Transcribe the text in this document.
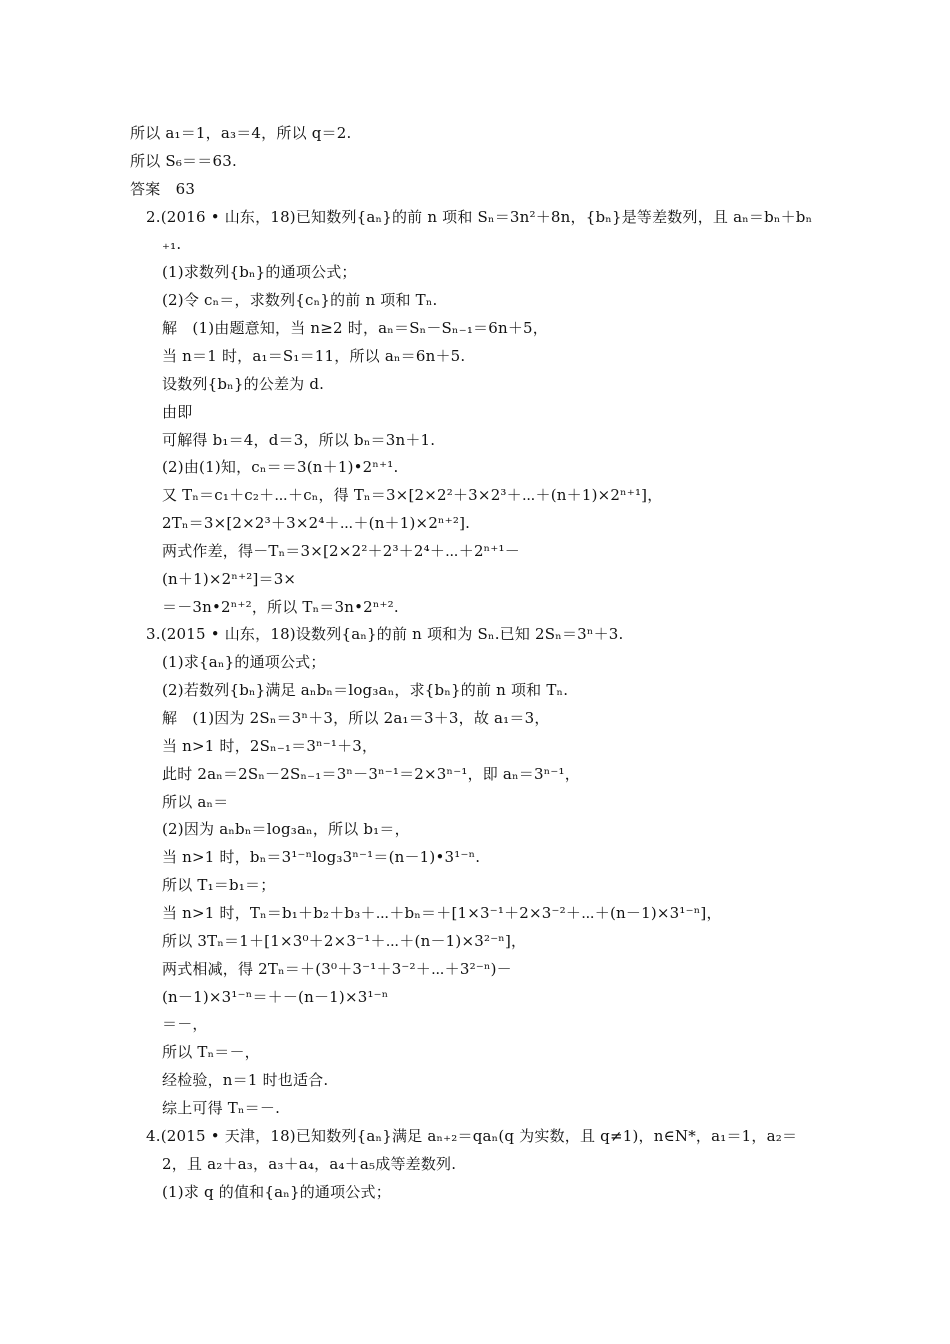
所以 a₁＝1，a₃＝4，所以 q＝2.
所以 S₆＝＝63.
答案　63
2.(2016 • 山东，18)已知数列{aₙ}的前 n 项和 Sₙ＝3n²＋8n，{bₙ}是等差数列，且 aₙ＝bₙ＋bₙ
₊₁.
(1)求数列{bₙ}的通项公式；
(2)令 cₙ＝，求数列{cₙ}的前 n 项和 Tₙ.
解　(1)由题意知，当 n≥2 时，aₙ＝Sₙ－Sₙ₋₁＝6n＋5，
当 n＝1 时，a₁＝S₁＝11，所以 aₙ＝6n＋5.
设数列{bₙ}的公差为 d.
由即
可解得 b₁＝4，d＝3，所以 bₙ＝3n＋1.
(2)由(1)知，cₙ＝＝3(n＋1)•2ⁿ⁺¹.
又 Tₙ＝c₁＋c₂＋⋯＋cₙ，得 Tₙ＝3×[2×2²＋3×2³＋⋯＋(n＋1)×2ⁿ⁺¹]，
2Tₙ＝3×[2×2³＋3×2⁴＋⋯＋(n＋1)×2ⁿ⁺²].
两式作差，得－Tₙ＝3×[2×2²＋2³＋2⁴＋⋯＋2ⁿ⁺¹－
(n＋1)×2ⁿ⁺²]＝3×
＝－3n•2ⁿ⁺²，所以 Tₙ＝3n•2ⁿ⁺².
3.(2015 • 山东，18)设数列{aₙ}的前 n 项和为 Sₙ.已知 2Sₙ＝3ⁿ＋3.
(1)求{aₙ}的通项公式；
(2)若数列{bₙ}满足 aₙbₙ＝log₃aₙ，求{bₙ}的前 n 项和 Tₙ.
解　(1)因为 2Sₙ＝3ⁿ＋3，所以 2a₁＝3＋3，故 a₁＝3，
当 n>1 时，2Sₙ₋₁＝3ⁿ⁻¹＋3，
此时 2aₙ＝2Sₙ－2Sₙ₋₁＝3ⁿ－3ⁿ⁻¹＝2×3ⁿ⁻¹，即 aₙ＝3ⁿ⁻¹，
所以 aₙ＝
(2)因为 aₙbₙ＝log₃aₙ，所以 b₁＝，
当 n>1 时，bₙ＝3¹⁻ⁿlog₃3ⁿ⁻¹＝(n－1)•3¹⁻ⁿ.
所以 T₁＝b₁＝；
当 n>1 时，Tₙ＝b₁＋b₂＋b₃＋⋯＋bₙ＝＋[1×3⁻¹＋2×3⁻²＋⋯＋(n－1)×3¹⁻ⁿ]，
所以 3Tₙ＝1＋[1×3⁰＋2×3⁻¹＋⋯＋(n－1)×3²⁻ⁿ]，
两式相减，得 2Tₙ＝＋(3⁰＋3⁻¹＋3⁻²＋⋯＋3²⁻ⁿ)－
(n－1)×3¹⁻ⁿ＝＋－(n－1)×3¹⁻ⁿ
＝－，
所以 Tₙ＝－，
经检验，n＝1 时也适合.
综上可得 Tₙ＝－.
4.(2015 • 天津，18)已知数列{aₙ}满足 aₙ₊₂＝qaₙ(q 为实数，且 q≠1)，n∈N*，a₁＝1，a₂＝
2，且 a₂＋a₃，a₃＋a₄，a₄＋a₅成等差数列.
(1)求 q 的值和{aₙ}的通项公式；
